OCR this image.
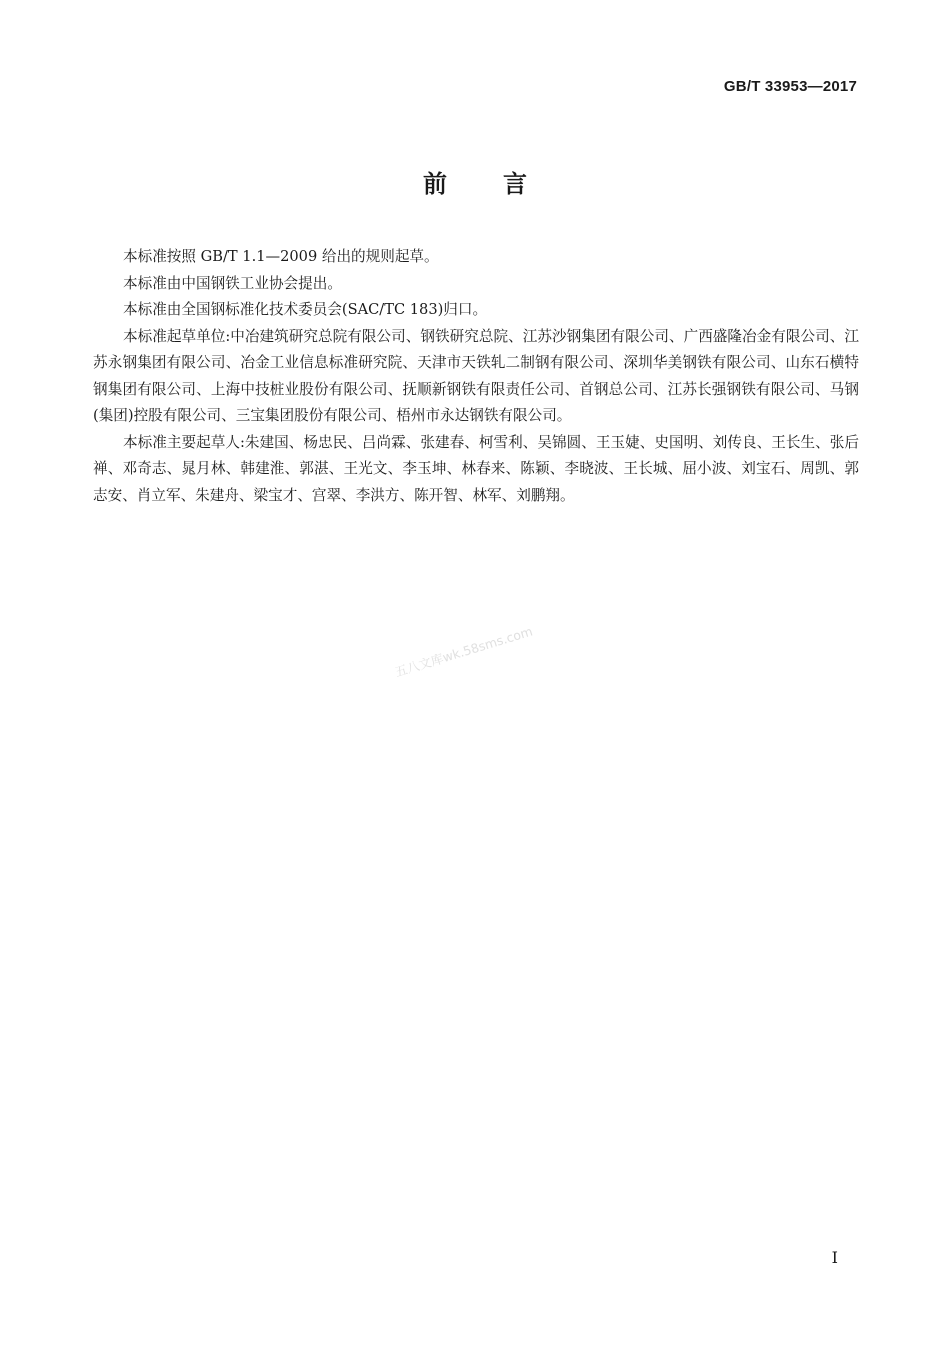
GB/T 33953—2017
前言

本标准按照 GB/T 1.1—2009 给出的规则起草。

本标准由中国钢铁工业协会提出。

本标准由全国钢标准化技术委员会(SAC/TC 183)归口。

本标准起草单位:中冶建筑研究总院有限公司、钢铁研究总院、江苏沙钢集团有限公司、广西盛隆冶金有限公司、江苏永钢集团有限公司、冶金工业信息标准研究院、天津市天铁轧二制钢有限公司、深圳华美钢铁有限公司、山东石横特钢集团有限公司、上海中技桩业股份有限公司、抚顺新钢铁有限责任公司、首钢总公司、江苏长强钢铁有限公司、马钢(集团)控股有限公司、三宝集团股份有限公司、梧州市永达钢铁有限公司。

本标准主要起草人:朱建国、杨忠民、吕尚霖、张建春、柯雪利、吴锦圆、王玉婕、史国明、刘传良、王长生、张后禅、邓奇志、晁月林、韩建淮、郭湛、王光文、李玉坤、林春来、陈颖、李晓波、王长城、屈小波、刘宝石、周凯、郭志安、肖立军、朱建舟、梁宝才、宫翠、李洪方、陈开智、林军、刘鹏翔。

五八文库wk.58sms.com
I
